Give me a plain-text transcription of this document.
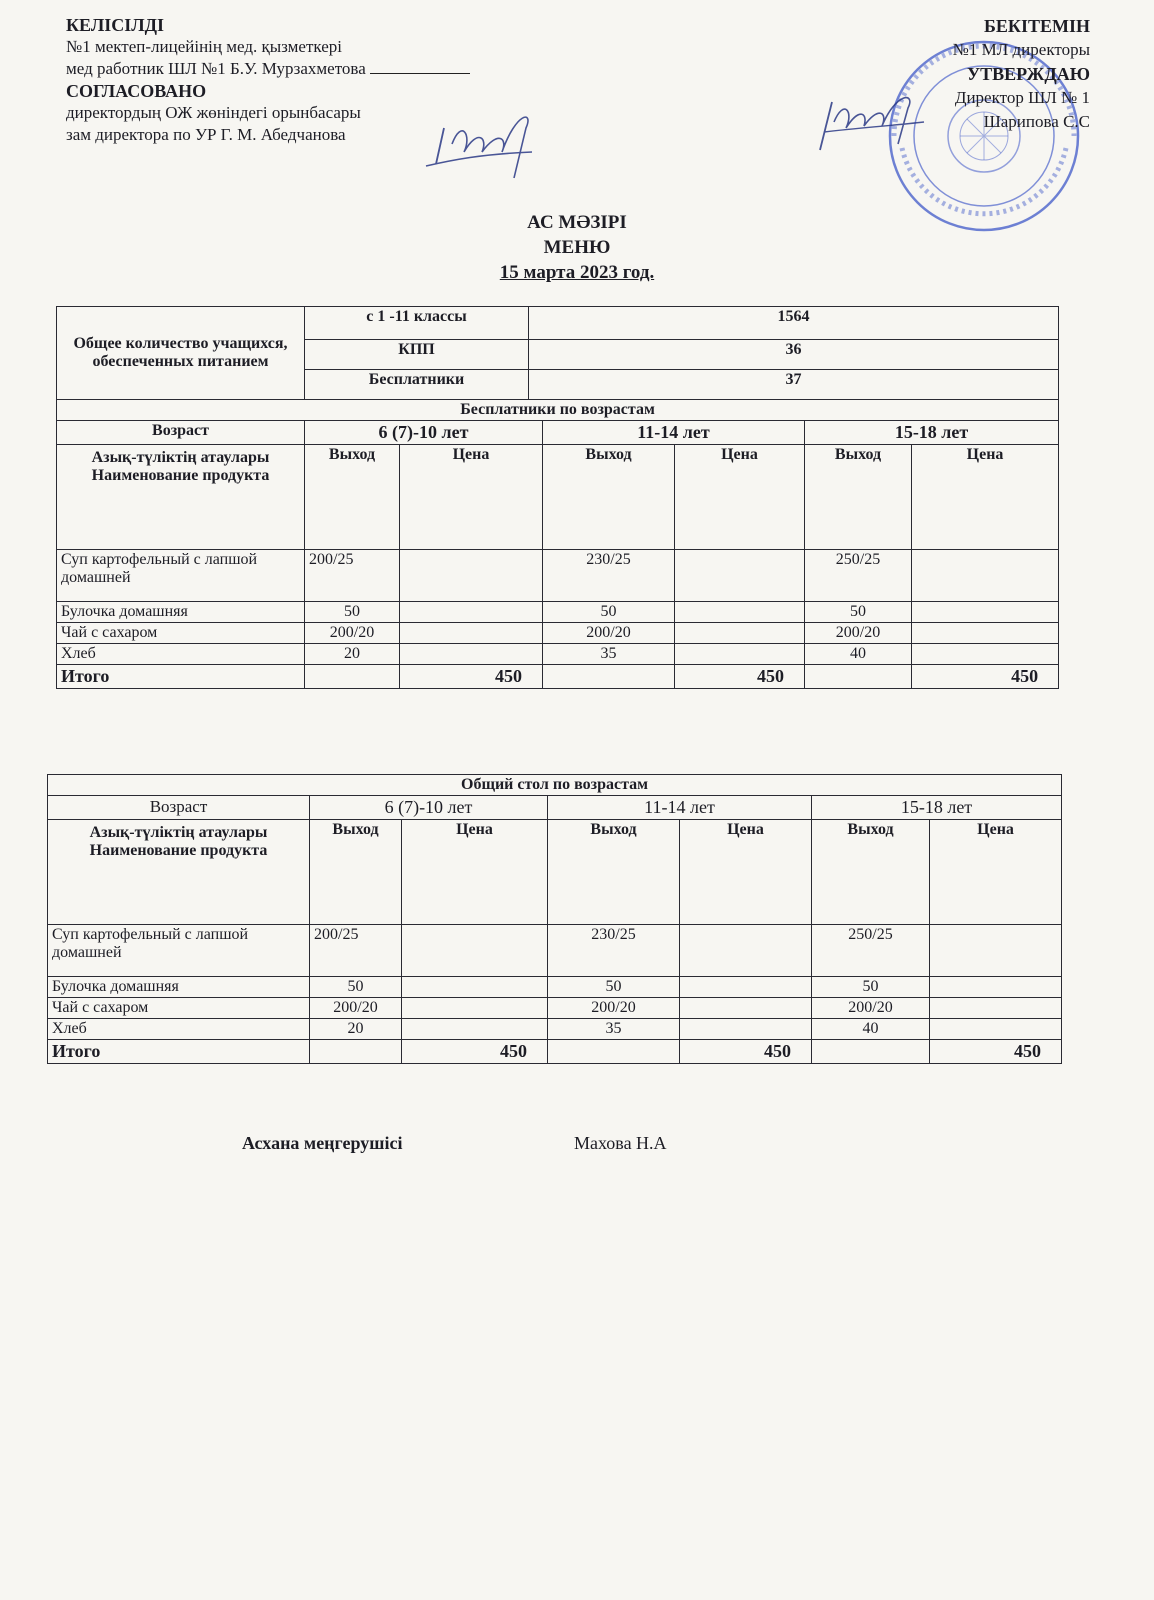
КЕЛІСІЛДІ
№1 мектеп-лицейінің мед. қызметкері
мед работник ШЛ №1 Б.У. Мурзахметова
СОГЛАСОВАНО
директордың ОЖ жөніндегі орынбасары
зам директора по УР Г. М. Абедчанова
БЕКІТЕМІН
№1 МЛ директоры
УТВЕРЖДАЮ
Директор ШЛ № 1
Шарипова С.С
АС МӘЗІРІ
МЕНЮ
15 марта 2023 год.
Общее количество учащихся, обеспеченных питанием	с 1 -11 классы	1564
	КПП	36
	Бесплатники	37
Бесплатники по возрастам						
Возраст	6 (7)-10 лет		11-14 лет		15-18 лет	
Азық-түліктің атаулары Наименование продукта	Выход	Цена	Выход	Цена	Выход	Цена
Суп картофельный с лапшой домашней	200/25		230/25		250/25	
Булочка домашняя	50		50		50	
Чай с сахаром	200/20		200/20		200/20	
Хлеб	20		35		40	
Итого		450		450		450
Общий стол по возрастам						
Возраст	6 (7)-10 лет		11-14 лет		15-18 лет	
Азық-түліктің атаулары Наименование продукта	Выход	Цена	Выход	Цена	Выход	Цена
Суп картофельный с лапшой домашней	200/25		230/25		250/25	
Булочка домашняя	50		50		50	
Чай с сахаром	200/20		200/20		200/20	
Хлеб	20		35		40	
Итого		450		450		450
Асхана меңгерушісі	Махова Н.А
